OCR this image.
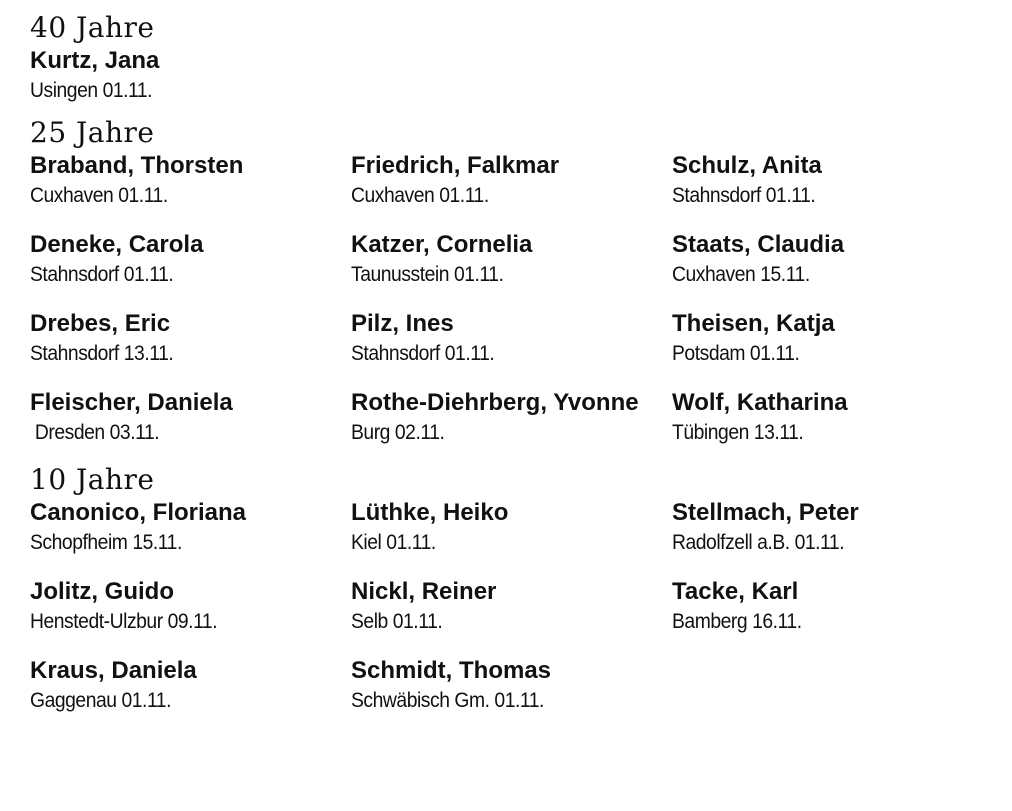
40 Jahre
Kurtz, Jana
Usingen 01.11.
25 Jahre
Braband, Thorsten
Cuxhaven 01.11.
Friedrich, Falkmar
Cuxhaven 01.11.
Schulz, Anita
Stahnsdorf 01.11.
Deneke, Carola
Stahnsdorf 01.11.
Katzer, Cornelia
Taunusstein 01.11.
Staats, Claudia
Cuxhaven 15.11.
Drebes, Eric
Stahnsdorf 13.11.
Pilz, Ines
Stahnsdorf 01.11.
Theisen, Katja
Potsdam 01.11.
Fleischer, Daniela
Dresden 03.11.
Rothe-Diehrberg, Yvonne
Burg 02.11.
Wolf, Katharina
Tübingen 13.11.
10 Jahre
Canonico, Floriana
Schopfheim 15.11.
Lüthke, Heiko
Kiel 01.11.
Stellmach, Peter
Radolfzell a.B. 01.11.
Jolitz, Guido
Henstedt-Ulzbur 09.11.
Nickl, Reiner
Selb 01.11.
Tacke, Karl
Bamberg 16.11.
Kraus, Daniela
Gaggenau 01.11.
Schmidt, Thomas
Schwäbisch Gm. 01.11.
